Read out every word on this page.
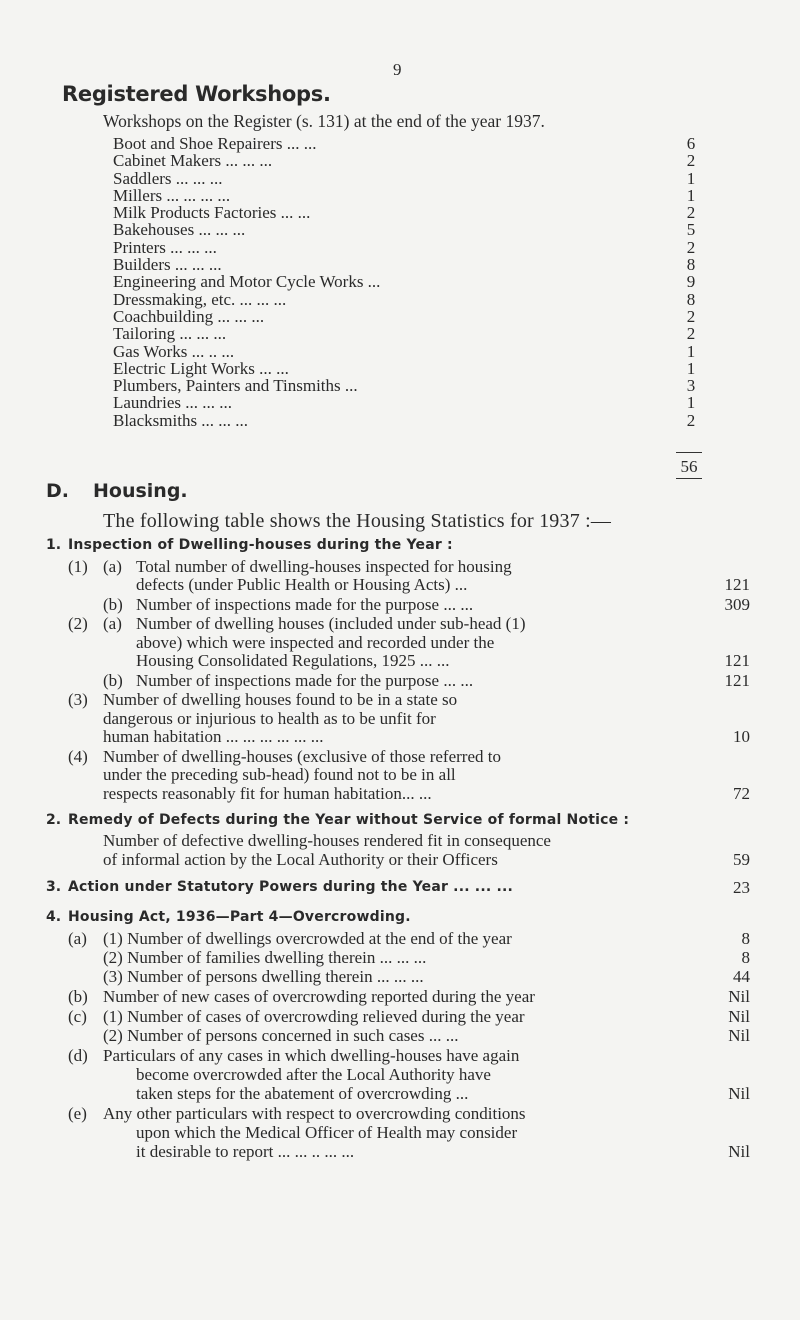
9
Registered Workshops.
Workshops on the Register (s. 131) at the end of the year 1937.
Boot and Shoe Repairers ... ...	6
Cabinet Makers ... ... ...	2
Saddlers ... ... ...	1
Millers ... ... ... ...	1
Milk Products Factories ... ...	2
Bakehouses ... ... ...	5
Printers ... ... ...	2
Builders ... ... ...	8
Engineering and Motor Cycle Works ...	9
Dressmaking, etc. ... ... ...	8
Coachbuilding ... ... ...	2
Tailoring ... ... ...	2
Gas Works ... .. ...	1
Electric Light Works ... ...	1
Plumbers, Painters and Tinsmiths ...	3
Laundries ... ... ...	1
Blacksmiths ... ... ...	2
56
D. Housing.
The following table shows the Housing Statistics for 1937 :—
1. Inspection of Dwelling-houses during the Year :
(1) (a) Total number of dwelling-houses inspected for housing
defects (under Public Health or Housing Acts) ...	121
(b) Number of inspections made for the purpose ... ...	309
(2) (a) Number of dwelling houses (included under sub-head (1)
above) which were inspected and recorded under the
Housing Consolidated Regulations, 1925 ... ...	121
(b) Number of inspections made for the purpose ... ...	121
(3) Number of dwelling houses found to be in a state so
dangerous or injurious to health as to be unfit for
human habitation ... ... ... ... ... ...	10
(4) Number of dwelling-houses (exclusive of those referred to
under the preceding sub-head) found not to be in all
respects reasonably fit for human habitation... ...	72
2. Remedy of Defects during the Year without Service of formal Notice :
Number of defective dwelling-houses rendered fit in consequence
of informal action by the Local Authority or their Officers	59
3. Action under Statutory Powers during the Year ... ... ...	23
4. Housing Act, 1936—Part 4—Overcrowding.
(a) (1) Number of dwellings overcrowded at the end of the year	8
(2) Number of families dwelling therein ... ... ...	8
(3) Number of persons dwelling therein ... ... ...	44
(b) Number of new cases of overcrowding reported during the year	Nil
(c) (1) Number of cases of overcrowding relieved during the year	Nil
(2) Number of persons concerned in such cases ... ...	Nil
(d) Particulars of any cases in which dwelling-houses have again
become overcrowded after the Local Authority have
taken steps for the abatement of overcrowding ...	Nil
(e) Any other particulars with respect to overcrowding conditions
upon which the Medical Officer of Health may consider
it desirable to report ... ... .. ... ...	Nil
